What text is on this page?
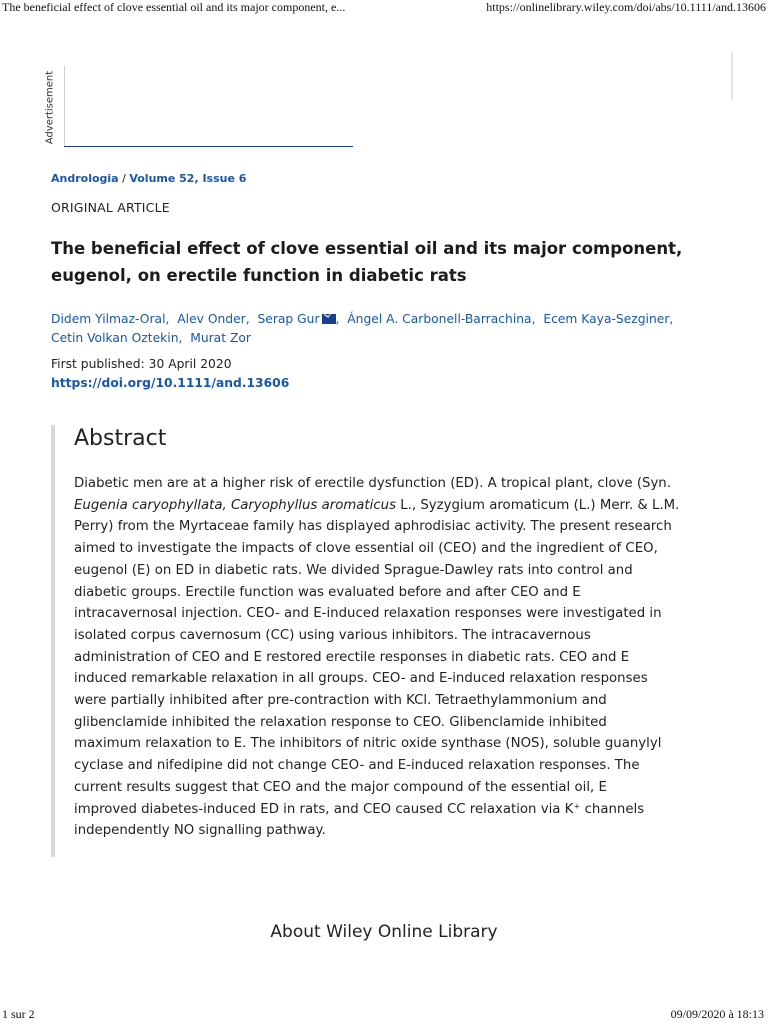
The beneficial effect of clove essential oil and its major component, e...	https://onlinelibrary.wiley.com/doi/abs/10.1111/and.13606
Advertisement
Andrologia / Volume 52, Issue 6
ORIGINAL ARTICLE
The beneficial effect of clove essential oil and its major component, eugenol, on erectile function in diabetic rats
Didem Yilmaz-Oral,  Alev Onder,  Serap Gur ,  Ángel A. Carbonell-Barrachina,  Ecem Kaya-Sezginer,
Cetin Volkan Oztekin,  Murat Zor
First published: 30 April 2020
https://doi.org/10.1111/and.13606
Abstract
Diabetic men are at a higher risk of erectile dysfunction (ED). A tropical plant, clove (Syn.
Eugenia caryophyllata, Caryophyllus aromaticus L., Syzygium aromaticum (L.) Merr. & L.M.
Perry) from the Myrtaceae family has displayed aphrodisiac activity. The present research
aimed to investigate the impacts of clove essential oil (CEO) and the ingredient of CEO,
eugenol (E) on ED in diabetic rats. We divided Sprague-Dawley rats into control and
diabetic groups. Erectile function was evaluated before and after CEO and E
intracavernosal injection. CEO- and E-induced relaxation responses were investigated in
isolated corpus cavernosum (CC) using various inhibitors. The intracavernous
administration of CEO and E restored erectile responses in diabetic rats. CEO and E
induced remarkable relaxation in all groups. CEO- and E-induced relaxation responses
were partially inhibited after pre-contraction with KCl. Tetraethylammonium and
glibenclamide inhibited the relaxation response to CEO. Glibenclamide inhibited
maximum relaxation to E. The inhibitors of nitric oxide synthase (NOS), soluble guanylyl
cyclase and nifedipine did not change CEO- and E-induced relaxation responses. The
current results suggest that CEO and the major compound of the essential oil, E
improved diabetes-induced ED in rats, and CEO caused CC relaxation via K⁺ channels
independently NO signalling pathway.
About Wiley Online Library
1 sur 2	09/09/2020 à 18:13
